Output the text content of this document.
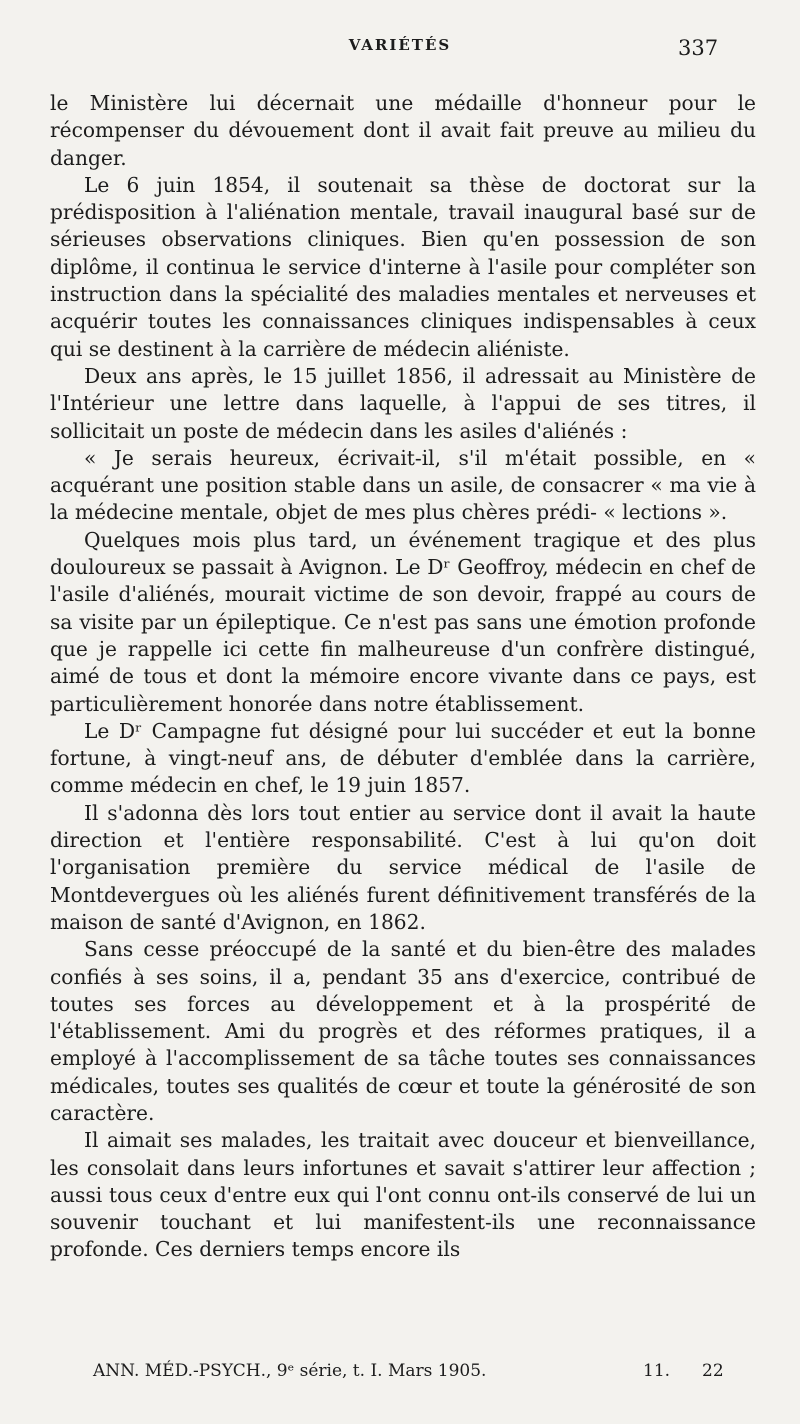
VARIÉTÉS	337

le Ministère lui décernait une médaille d'honneur pour le récompenser du dévouement dont il avait fait preuve au milieu du danger.

Le 6 juin 1854, il soutenait sa thèse de doctorat sur la prédisposition à l'aliénation mentale, travail inaugural basé sur de sérieuses observations cliniques. Bien qu'en possession de son diplôme, il continua le service d'interne à l'asile pour compléter son instruction dans la spécialité des maladies mentales et nerveuses et acquérir toutes les connaissances cliniques indispensables à ceux qui se destinent à la carrière de médecin aliéniste.

Deux ans après, le 15 juillet 1856, il adressait au Ministère de l'Intérieur une lettre dans laquelle, à l'appui de ses titres, il sollicitait un poste de médecin dans les asiles d'aliénés :

« Je serais heureux, écrivait-il, s'il m'était possible, en « acquérant une position stable dans un asile, de consacrer « ma vie à la médecine mentale, objet de mes plus chères prédi- « lections ».

Quelques mois plus tard, un événement tragique et des plus douloureux se passait à Avignon. Le Dʳ Geoffroy, médecin en chef de l'asile d'aliénés, mourait victime de son devoir, frappé au cours de sa visite par un épileptique. Ce n'est pas sans une émotion profonde que je rappelle ici cette fin malheureuse d'un confrère distingué, aimé de tous et dont la mémoire encore vivante dans ce pays, est particulièrement honorée dans notre établissement.

Le Dʳ Campagne fut désigné pour lui succéder et eut la bonne fortune, à vingt-neuf ans, de débuter d'emblée dans la carrière, comme médecin en chef, le 19 juin 1857.

Il s'adonna dès lors tout entier au service dont il avait la haute direction et l'entière responsabilité. C'est à lui qu'on doit l'organisation première du service médical de l'asile de Montdevergues où les aliénés furent définitivement transférés de la maison de santé d'Avignon, en 1862.

Sans cesse préoccupé de la santé et du bien-être des malades confiés à ses soins, il a, pendant 35 ans d'exercice, contribué de toutes ses forces au développement et à la prospérité de l'établissement. Ami du progrès et des réformes pratiques, il a employé à l'accomplissement de sa tâche toutes ses connaissances médicales, toutes ses qualités de cœur et toute la générosité de son caractère.

Il aimait ses malades, les traitait avec douceur et bienveillance, les consolait dans leurs infortunes et savait s'attirer leur affection ; aussi tous ceux d'entre eux qui l'ont connu ont-ils conservé de lui un souvenir touchant et lui manifestent-ils une reconnaissance profonde. Ces derniers temps encore ils

ANN. MÉD.-PSYCH., 9ᵉ série, t. I. Mars 1905.	11. 22
